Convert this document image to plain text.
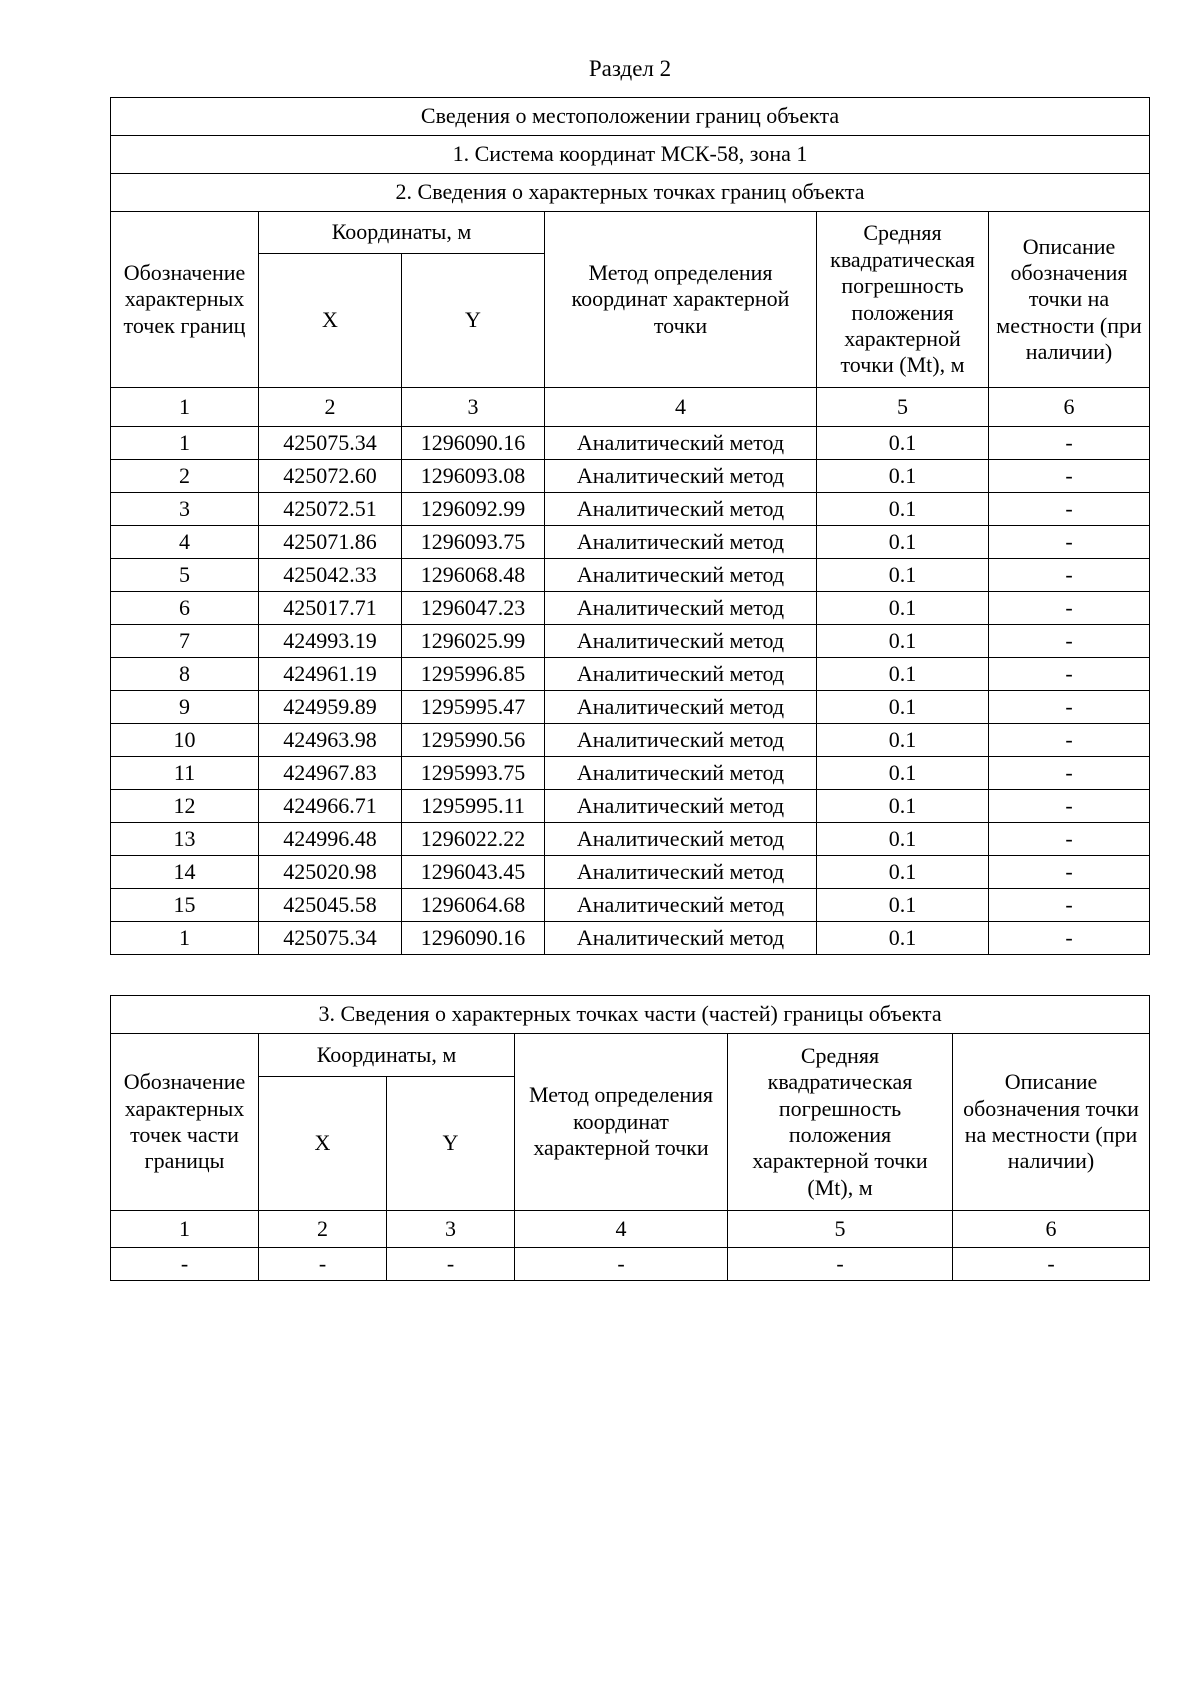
Раздел 2
Сведения о местоположении границ объекта					
1. Система координат МСК-58, зона 1					
2. Сведения о характерных точках границ объекта					
Обозначение характерных точек границ	Координаты, м		Метод определения координат характерной точки	Средняя квадратическая погрешность положения характерной точки (Mt), м	Описание обозначения точки на местности (при наличии)
	X	Y			
1	2	3	4	5	6
1	425075.34	1296090.16	Аналитический метод	0.1	-
2	425072.60	1296093.08	Аналитический метод	0.1	-
3	425072.51	1296092.99	Аналитический метод	0.1	-
4	425071.86	1296093.75	Аналитический метод	0.1	-
5	425042.33	1296068.48	Аналитический метод	0.1	-
6	425017.71	1296047.23	Аналитический метод	0.1	-
7	424993.19	1296025.99	Аналитический метод	0.1	-
8	424961.19	1295996.85	Аналитический метод	0.1	-
9	424959.89	1295995.47	Аналитический метод	0.1	-
10	424963.98	1295990.56	Аналитический метод	0.1	-
11	424967.83	1295993.75	Аналитический метод	0.1	-
12	424966.71	1295995.11	Аналитический метод	0.1	-
13	424996.48	1296022.22	Аналитический метод	0.1	-
14	425020.98	1296043.45	Аналитический метод	0.1	-
15	425045.58	1296064.68	Аналитический метод	0.1	-
1	425075.34	1296090.16	Аналитический метод	0.1	-
3. Сведения о характерных точках части (частей) границы объекта					
Обозначение характерных точек части границы	Координаты, м		Метод определения координат характерной точки	Средняя квадратическая погрешность положения характерной точки (Mt), м	Описание обозначения точки на местности (при наличии)
	X	Y			
1	2	3	4	5	6
-	-	-	-	-	-
